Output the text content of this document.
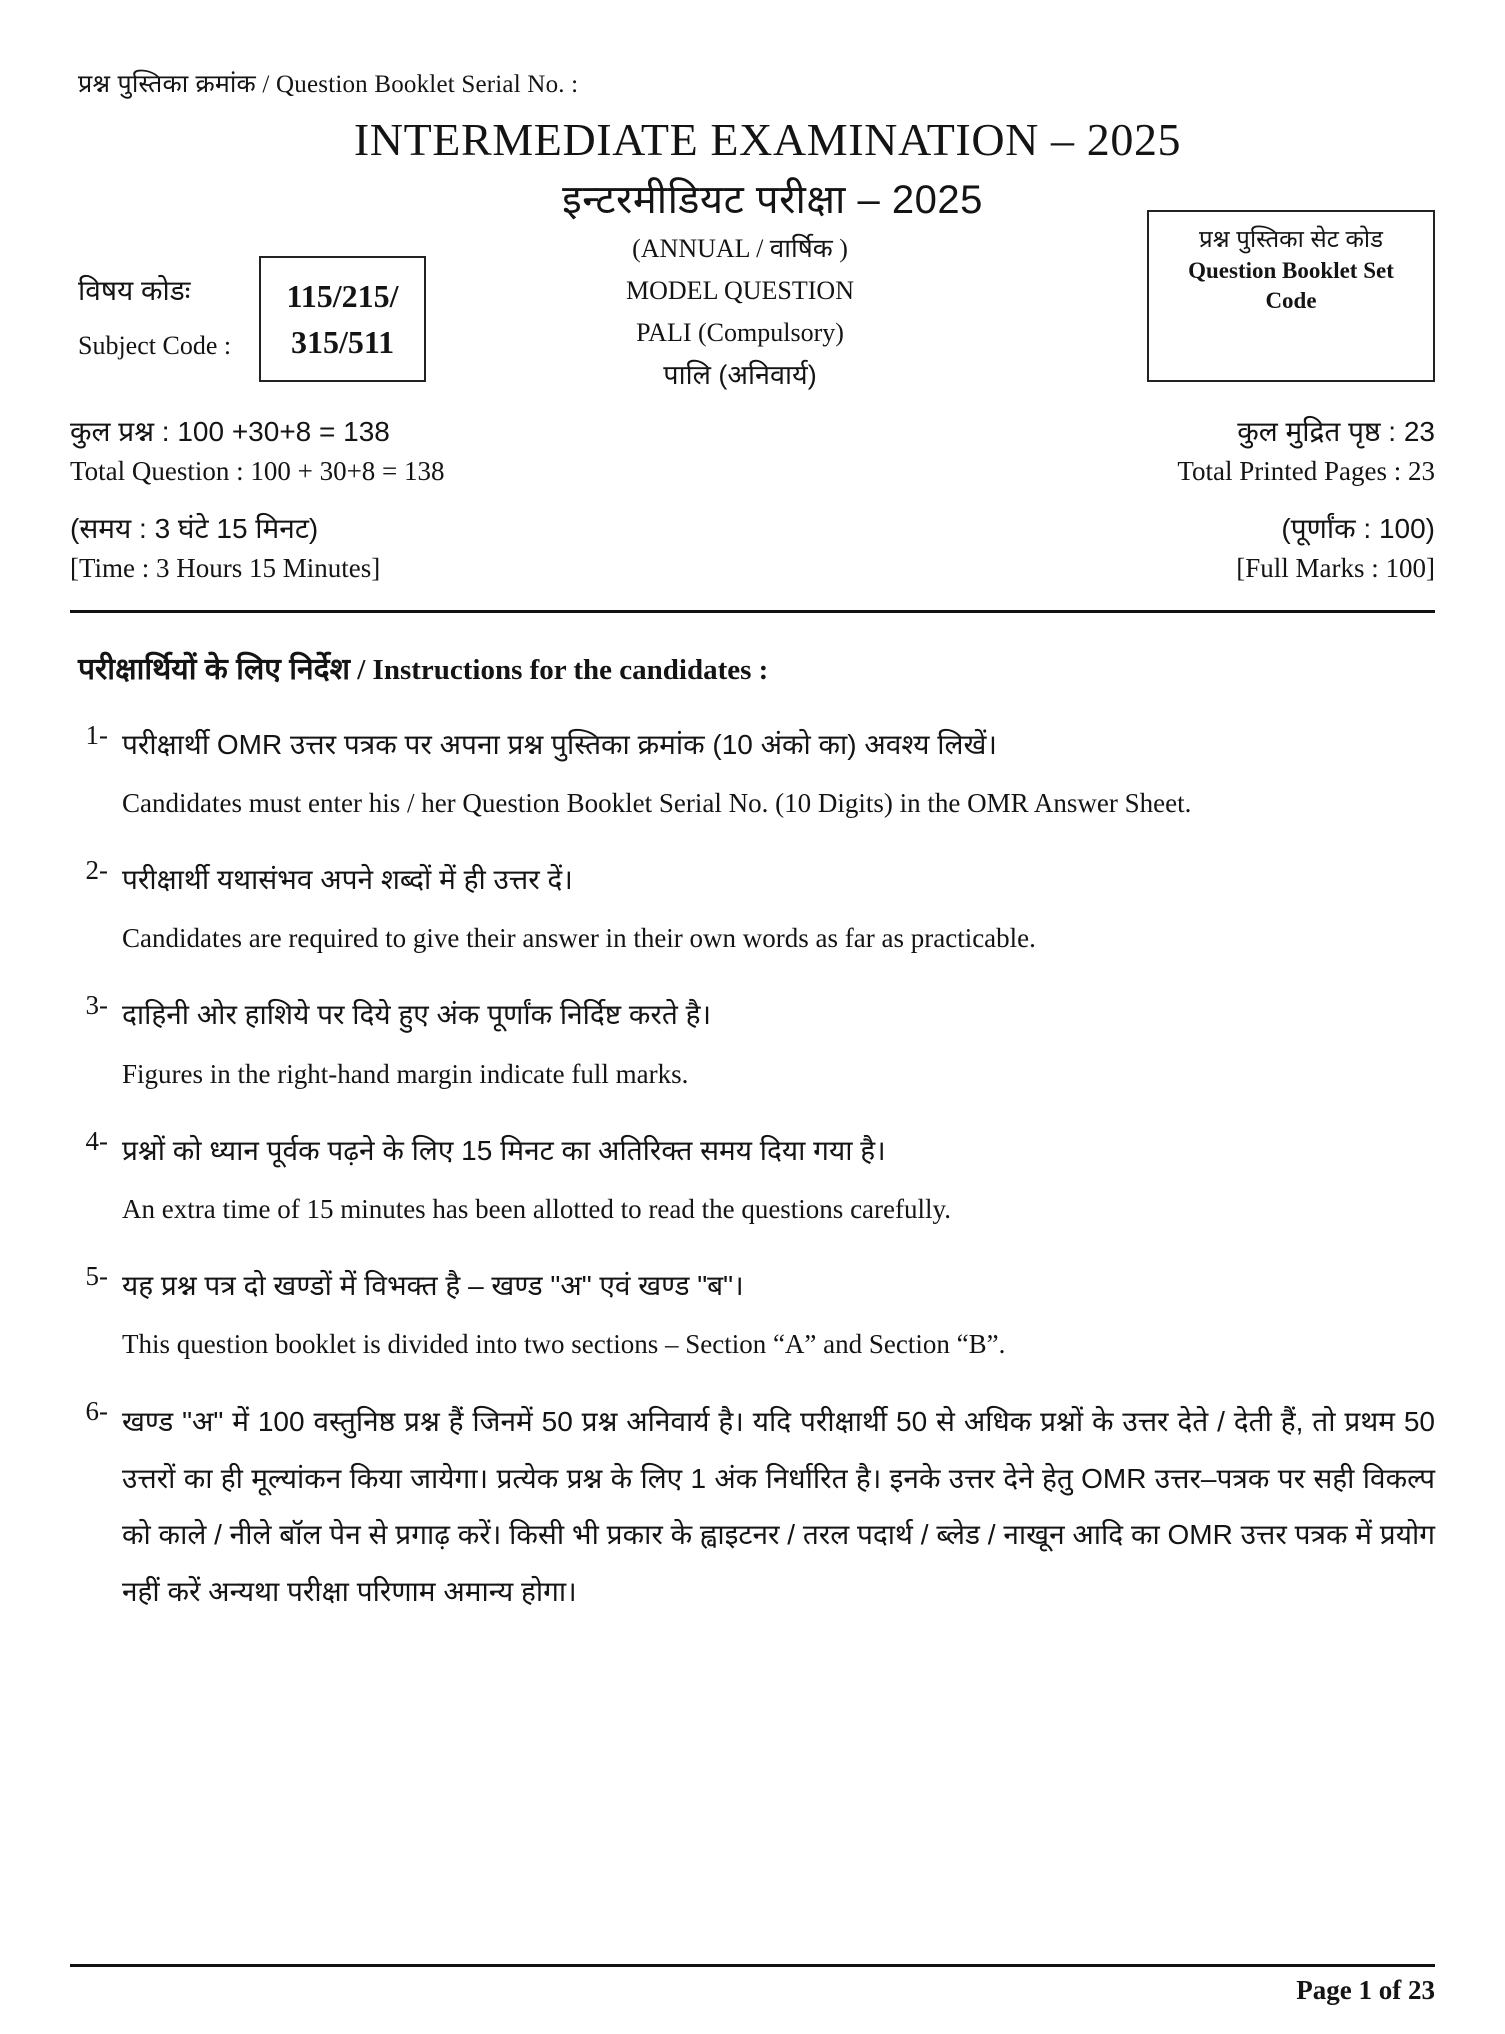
प्रश्न पुस्तिका क्रमांक / Question Booklet Serial No. :
INTERMEDIATE EXAMINATION – 2025
इन्टरमीडियट परीक्षा – 2025
(ANNUAL / वार्षिक )
MODEL QUESTION
PALI (Compulsory)
पालि (अनिवार्य)
विषय कोडः
Subject Code :
115/215/
315/511
प्रश्न पुस्तिका सेट कोड
Question Booklet Set
Code
कुल प्रश्न : 100 +30+8 = 138	कुल मुद्रित पृष्ठ : 23
Total Question : 100 + 30+8 = 138	Total Printed Pages : 23
(समय : 3 घंटे 15 मिनट)	(पूर्णांक : 100)
[Time : 3 Hours 15 Minutes]	[Full Marks : 100]
परीक्षार्थियों के लिए निर्देश / Instructions for the candidates :
1- परीक्षार्थी OMR उत्तर पत्रक पर अपना प्रश्न पुस्तिका क्रमांक (10 अंको का) अवश्य लिखें।
Candidates must enter his / her Question Booklet Serial No. (10 Digits) in the OMR Answer Sheet.
2- परीक्षार्थी यथासंभव अपने शब्दों में ही उत्तर दें।
Candidates are required to give their answer in their own words as far as practicable.
3- दाहिनी ओर हाशिये पर दिये हुए अंक पूर्णांक निर्दिष्ट करते है।
Figures in the right-hand margin indicate full marks.
4- प्रश्नों को ध्यान पूर्वक पढ़ने के लिए 15 मिनट का अतिरिक्त समय दिया गया है।
An extra time of 15 minutes has been allotted to read the questions carefully.
5- यह प्रश्न पत्र दो खण्डों में विभक्त है – खण्ड "अ" एवं खण्ड "ब"।
This question booklet is divided into two sections – Section “A” and Section “B”.
6- खण्ड "अ" में 100 वस्तुनिष्ठ प्रश्न हैं जिनमें 50 प्रश्न अनिवार्य है। यदि परीक्षार्थी 50 से अधिक प्रश्नों के उत्तर देते / देती हैं, तो प्रथम 50 उत्तरों का ही मूल्यांकन किया जायेगा। प्रत्येक प्रश्न के लिए 1 अंक निर्धारित है। इनके उत्तर देने हेतु OMR उत्तर–पत्रक पर सही विकल्प को काले / नीले बॉल पेन से प्रगाढ़ करें। किसी भी प्रकार के ह्वाइटनर / तरल पदार्थ / ब्लेड / नाखून आदि का OMR उत्तर पत्रक में प्रयोग नहीं करें अन्यथा परीक्षा परिणाम अमान्य होगा।
Page 1 of 23
